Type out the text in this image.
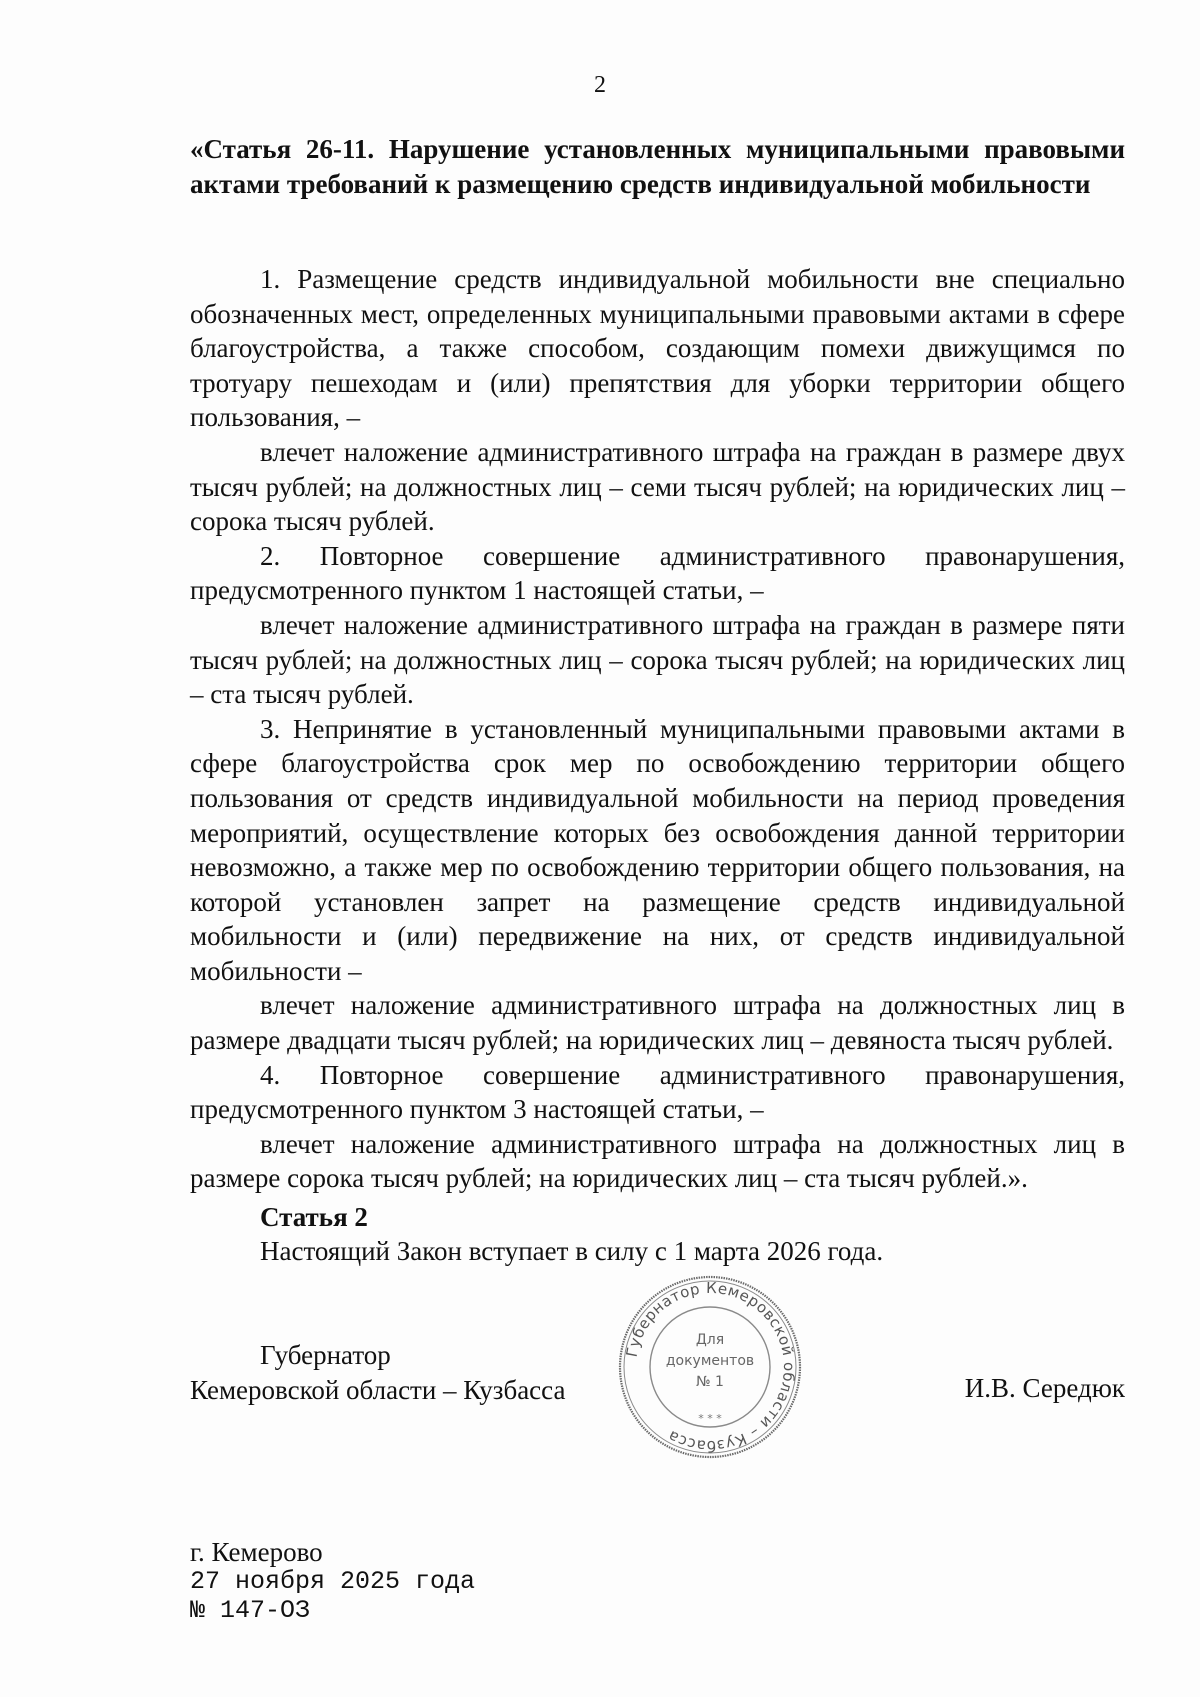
2
«Статья 26-11. Нарушение установленных муниципальными правовыми актами требований к размещению средств индивидуальной мобильности

1. Размещение средств индивидуальной мобильности вне специально обозначенных мест, определенных муниципальными правовыми актами в сфере благоустройства, а также способом, создающим помехи движущимся по тротуару пешеходам и (или) препятствия для уборки территории общего пользования, –

влечет наложение административного штрафа на граждан в размере двух тысяч рублей; на должностных лиц – семи тысяч рублей; на юридических лиц – сорока тысяч рублей.

2. Повторное совершение административного правонарушения, предусмотренного пунктом 1 настоящей статьи, –

влечет наложение административного штрафа на граждан в размере пяти тысяч рублей; на должностных лиц – сорока тысяч рублей; на юридических лиц – ста тысяч рублей.

3. Непринятие в установленный муниципальными правовыми актами в сфере благоустройства срок мер по освобождению территории общего пользования от средств индивидуальной мобильности на период проведения мероприятий, осуществление которых без освобождения данной территории невозможно, а также мер по освобождению территории общего пользования, на которой установлен запрет на размещение средств индивидуальной мобильности и (или) передвижение на них, от средств индивидуальной мобильности –

влечет наложение административного штрафа на должностных лиц в размере двадцати тысяч рублей; на юридических лиц – девяноста тысяч рублей.

4. Повторное совершение административного правонарушения, предусмотренного пунктом 3 настоящей статьи, –

влечет наложение административного штрафа на должностных лиц в размере сорока тысяч рублей; на юридических лиц – ста тысяч рублей.».

Статья 2
Настоящий Закон вступает в силу с 1 марта 2026 года.
Губернатор
Кемеровской области – Кузбасса
Губернатор Кемеровской области – Кузбасса
Для
документов
№ 1
* * *
И.В. Середюк
г. Кемерово
27 ноября 2025 года
№ 147-ОЗ
